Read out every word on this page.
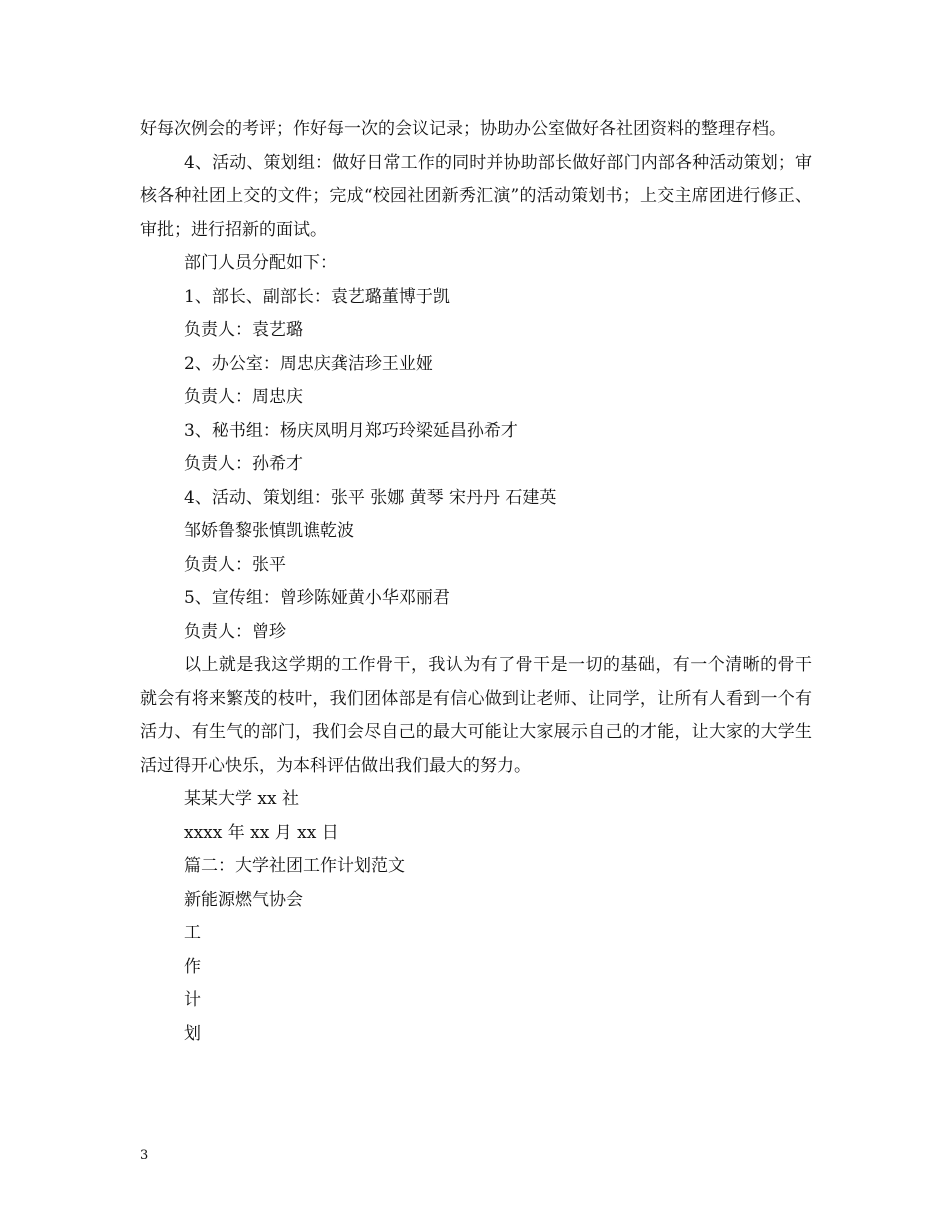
好每次例会的考评；作好每一次的会议记录；协助办公室做好各社团资料的整理存档。

4、活动、策划组：做好日常工作的同时并协助部长做好部门内部各种活动策划；审核各种社团上交的文件；完成“校园社团新秀汇演”的活动策划书；上交主席团进行修正、审批；进行招新的面试。

部门人员分配如下：

1、部长、副部长：袁艺璐董博于凯

负责人：袁艺璐

2、办公室：周忠庆龚洁珍王业娅

负责人：周忠庆

3、秘书组：杨庆凤明月郑巧玲梁延昌孙希才

负责人：孙希才

4、活动、策划组：张平 张娜 黄琴 宋丹丹 石建英

邹娇鲁黎张慎凯谯乾波

负责人：张平

5、宣传组：曾珍陈娅黄小华邓丽君

负责人：曾珍

以上就是我这学期的工作骨干，我认为有了骨干是一切的基础，有一个清晰的骨干就会有将来繁茂的枝叶，我们团体部是有信心做到让老师、让同学，让所有人看到一个有活力、有生气的部门，我们会尽自己的最大可能让大家展示自己的才能，让大家的大学生活过得开心快乐，为本科评估做出我们最大的努力。

某某大学 xx 社

xxxx 年 xx 月 xx 日

篇二：大学社团工作计划范文

新能源燃气协会

工

作

计

划

3
